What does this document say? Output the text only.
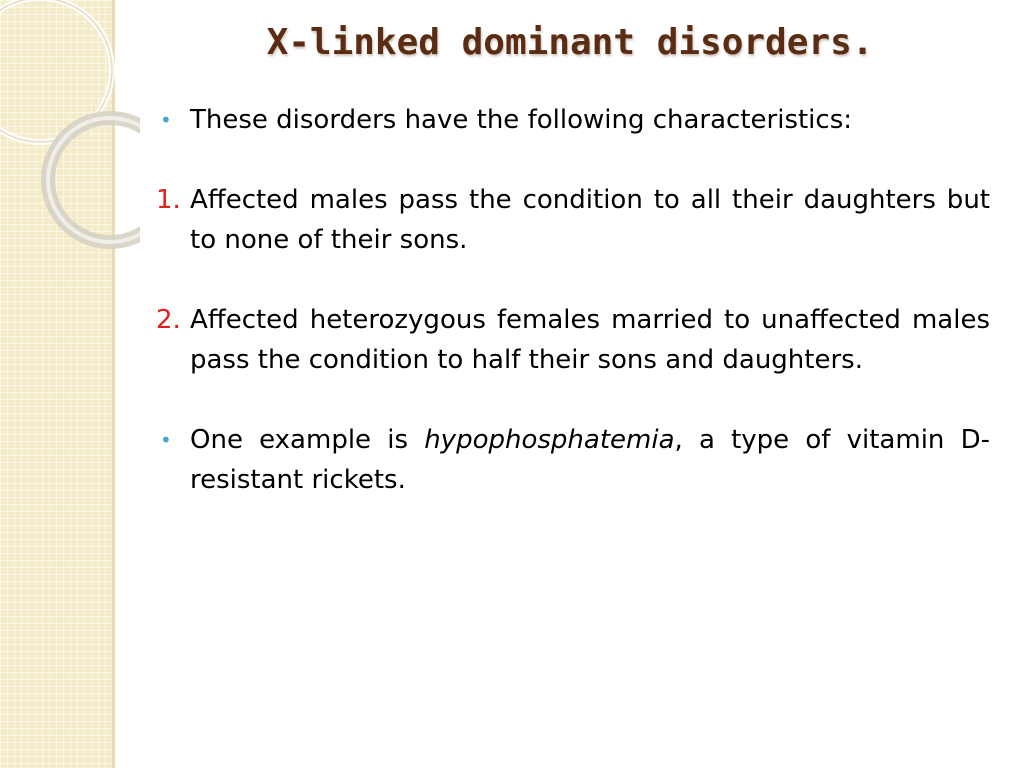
X-linked dominant disorders.

• These disorders have the following characteristics:

1. Affected males pass the condition to all their daughters but to none of their sons.

2. Affected heterozygous females married to unaffected males pass the condition to half their sons and daughters.

• One example is hypophosphatemia, a type of vitamin D-resistant rickets.
